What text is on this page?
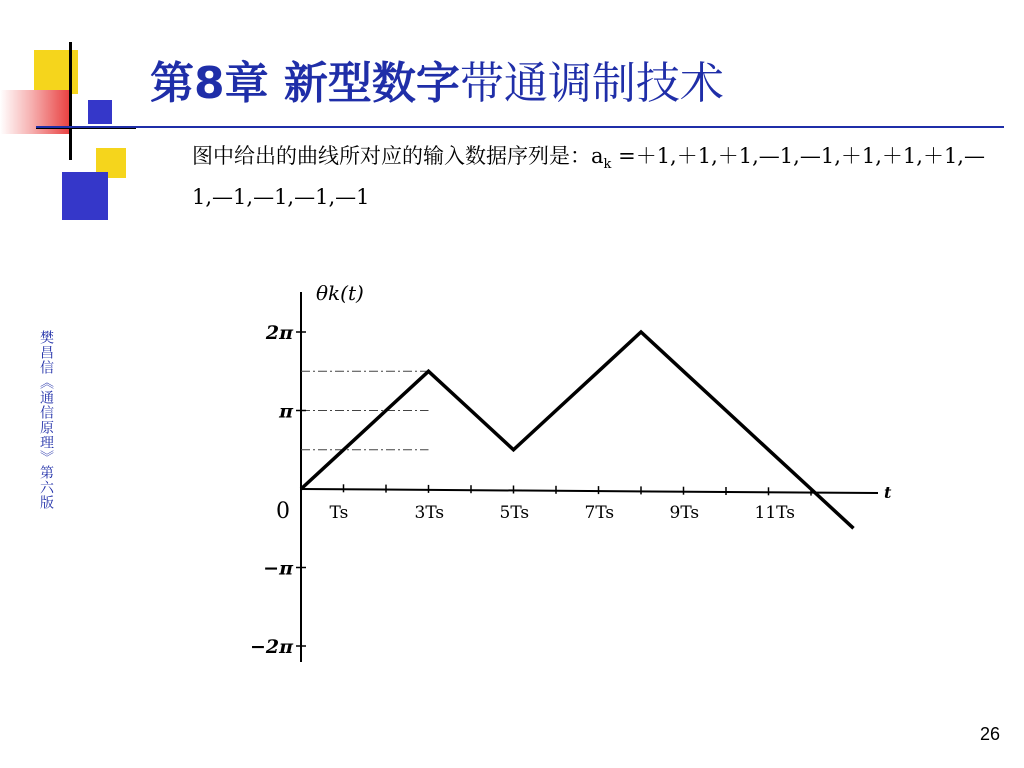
第8章 新型数字带通调制技术
图中给出的曲线所对应的输入数据序列是：$a_k$ =＋1,＋1,＋1,—1,—1,＋1,＋1,＋1,—1,—1,—1,—1,—1
樊昌信《通信原理》第六版
26
Ts	3Ts	5Ts	7Ts	9Ts	11Ts
2π
π
−π
−2π
θk(t)
t
0
